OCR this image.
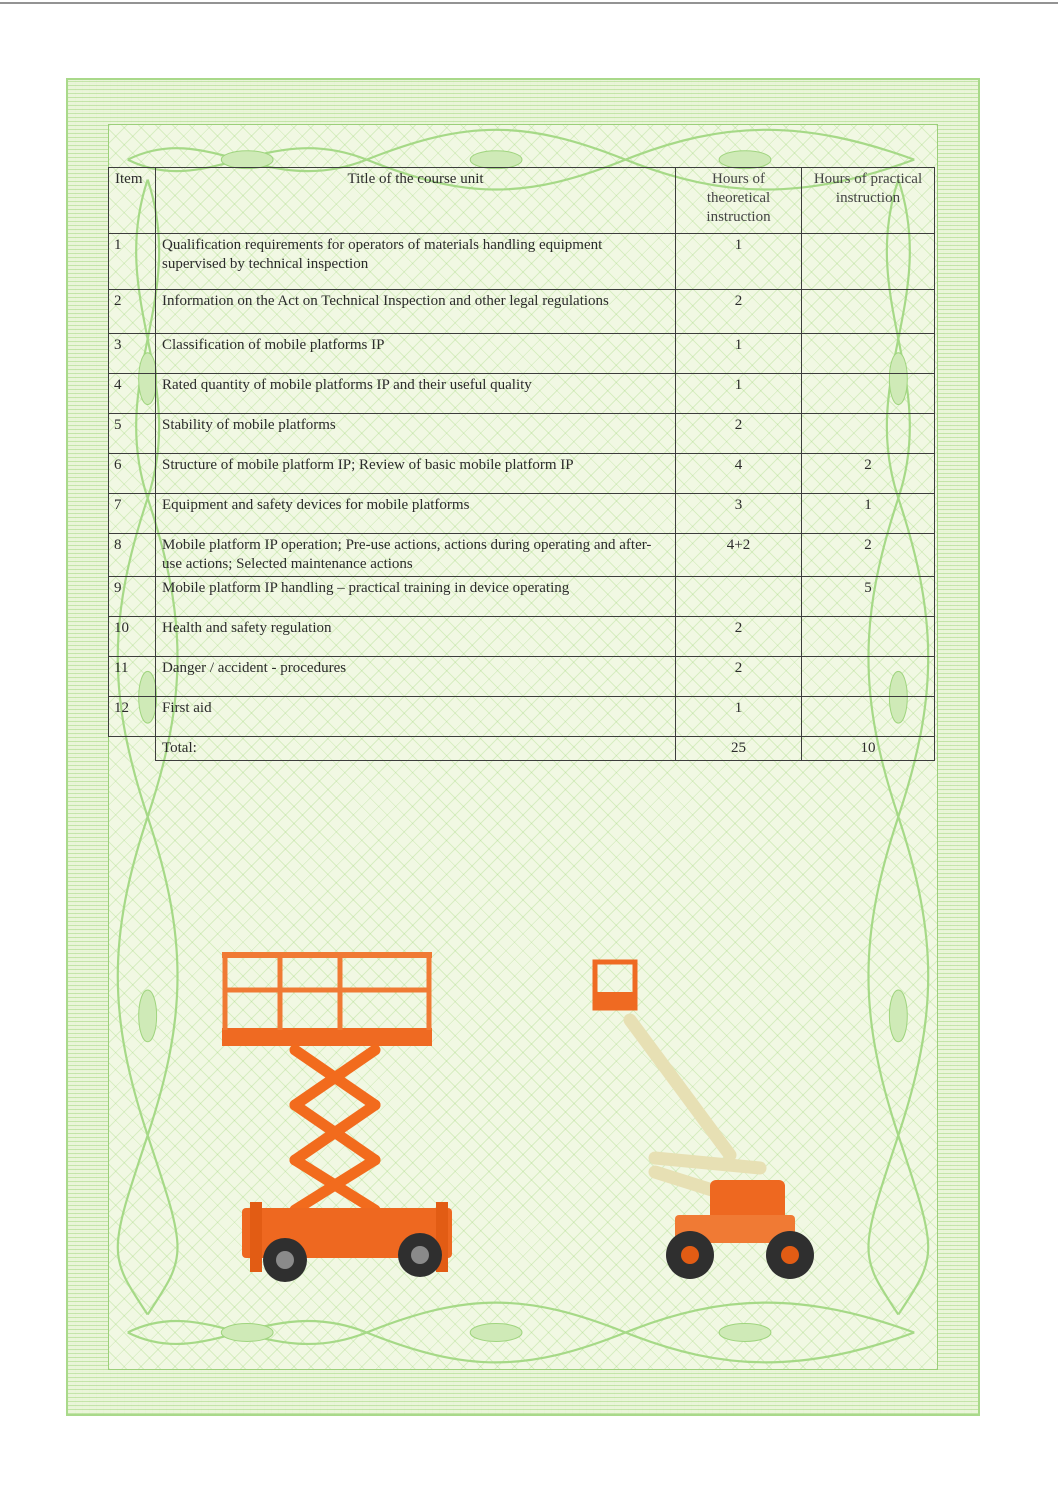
Item	Title of the course unit	Hours of theoretical instruction	Hours of practical instruction
1	Qualification requirements for operators of materials handling equipment supervised by technical inspection	1	
2	Information on the Act on Technical Inspection and other legal regulations	2	
3	Classification of mobile platforms IP	1	
4	Rated quantity of mobile platforms IP and their useful quality	1	
5	Stability of mobile platforms	2	
6	Structure of mobile platform IP; Review of basic mobile platform IP	4	2
7	Equipment and safety devices for mobile platforms	3	1
8	Mobile platform IP operation; Pre-use actions, actions during operating and after-use actions; Selected maintenance actions	4+2	2
9	Mobile platform IP handling – practical training in device operating		5
10	Health and safety regulation	2	
11	Danger / accident - procedures	2	
12	First aid	1	
	Total:	25	10
